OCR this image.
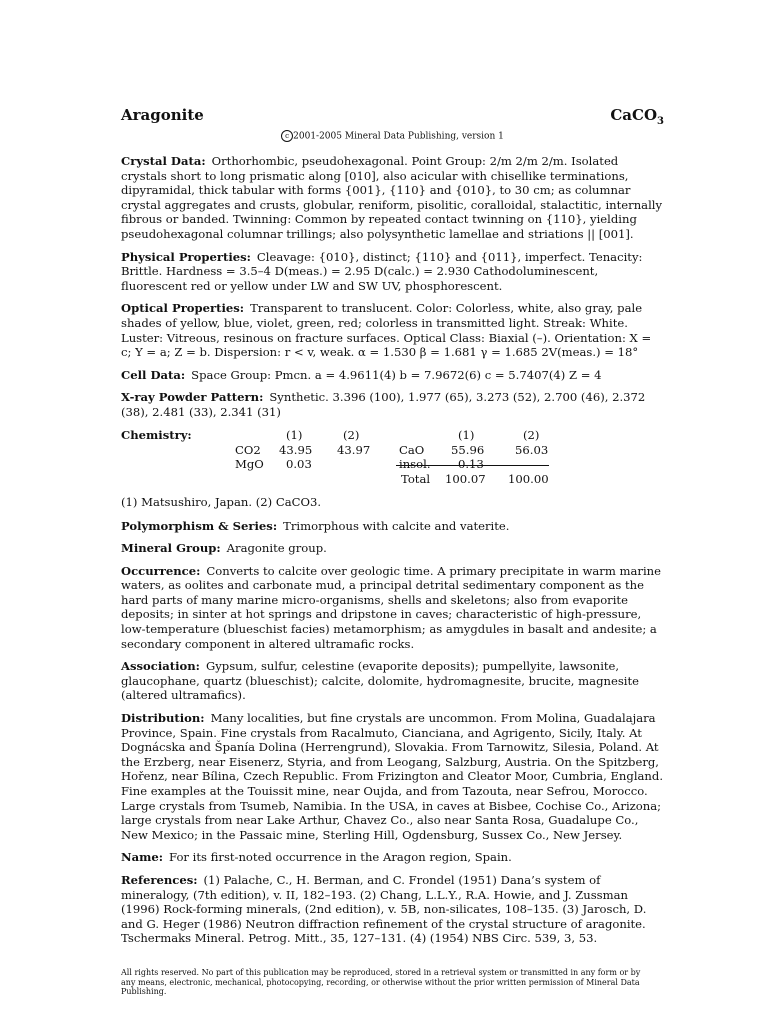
Aragonite	CaCO$_3$
c 2001-2005 Mineral Data Publishing, version 1
Crystal Data: Orthorhombic, pseudohexagonal. Point Group: 2/m 2/m 2/m. Isolated crystals short to long prismatic along [010], also acicular with chisellike terminations, dipyramidal, thick tabular with forms {001}, {110} and {010}, to 30 cm; as columnar crystal aggregates and crusts, globular, reniform, pisolitic, coralloidal, stalactitic, internally fibrous or banded. Twinning: Common by repeated contact twinning on {110}, yielding pseudohexagonal columnar trillings; also polysynthetic lamellae and striations || [001].
Physical Properties: Cleavage: {010}, distinct; {110} and {011}, imperfect. Tenacity: Brittle. Hardness = 3.5–4 D(meas.) = 2.95 D(calc.) = 2.930 Cathodoluminescent, fluorescent red or yellow under LW and SW UV, phosphorescent.
Optical Properties: Transparent to translucent. Color: Colorless, white, also gray, pale shades of yellow, blue, violet, green, red; colorless in transmitted light. Streak: White. Luster: Vitreous, resinous on fracture surfaces. Optical Class: Biaxial (–). Orientation: X = c; Y = a; Z = b. Dispersion: r < v, weak. α = 1.530 β = 1.681 γ = 1.685 2V(meas.) = 18°
Cell Data: Space Group: Pmcn. a = 4.9611(4) b = 7.9672(6) c = 5.7407(4) Z = 4
X-ray Powder Pattern: Synthetic. 3.396 (100), 1.977 (65), 3.273 (52), 2.700 (46), 2.372 (38), 2.481 (33), 2.341 (31)
Chemistry:	(1)	(2)	(1)	(2)
CO2 43.95 43.97 CaO 55.96	56.03
MgO 0.03	insol. 0.13
Total 100.07 100.00
(1) Matsushiro, Japan. (2) CaCO3.
Polymorphism & Series: Trimorphous with calcite and vaterite.
Mineral Group: Aragonite group.
Occurrence: Converts to calcite over geologic time. A primary precipitate in warm marine waters, as oolites and carbonate mud, a principal detrital sedimentary component as the hard parts of many marine micro-organisms, shells and skeletons; also from evaporite deposits; in sinter at hot springs and dripstone in caves; characteristic of high-pressure, low-temperature (blueschist facies) metamorphism; as amygdules in basalt and andesite; a secondary component in altered ultramafic rocks.
Association: Gypsum, sulfur, celestine (evaporite deposits); pumpellyite, lawsonite, glaucophane, quartz (blueschist); calcite, dolomite, hydromagnesite, brucite, magnesite (altered ultramafics).
Distribution: Many localities, but fine crystals are uncommon. From Molina, Guadalajara Province, Spain. Fine crystals from Racalmuto, Cianciana, and Agrigento, Sicily, Italy. At Dognácska and Španía Dolina (Herrengrund), Slovakia. From Tarnowitz, Silesia, Poland. At the Erzberg, near Eisenerz, Styria, and from Leogang, Salzburg, Austria. On the Spitzberg, Hořenz, near Bílina, Czech Republic. From Frizington and Cleator Moor, Cumbria, England. Fine examples at the Touissit mine, near Oujda, and from Tazouta, near Sefrou, Morocco. Large crystals from Tsumeb, Namibia. In the USA, in caves at Bisbee, Cochise Co., Arizona; large crystals from near Lake Arthur, Chavez Co., also near Santa Rosa, Guadalupe Co., New Mexico; in the Passaic mine, Sterling Hill, Ogdensburg, Sussex Co., New Jersey.
Name: For its first-noted occurrence in the Aragon region, Spain.
References: (1) Palache, C., H. Berman, and C. Frondel (1951) Dana’s system of mineralogy, (7th edition), v. II, 182–193. (2) Chang, L.L.Y., R.A. Howie, and J. Zussman (1996) Rock-forming minerals, (2nd edition), v. 5B, non-silicates, 108–135. (3) Jarosch, D. and G. Heger (1986) Neutron diffraction refinement of the crystal structure of aragonite. Tschermaks Mineral. Petrog. Mitt., 35, 127–131. (4) (1954) NBS Circ. 539, 3, 53.
All rights reserved. No part of this publication may be reproduced, stored in a retrieval system or transmitted in any form or by any means, electronic, mechanical, photocopying, recording, or otherwise without the prior written permission of Mineral Data Publishing.
